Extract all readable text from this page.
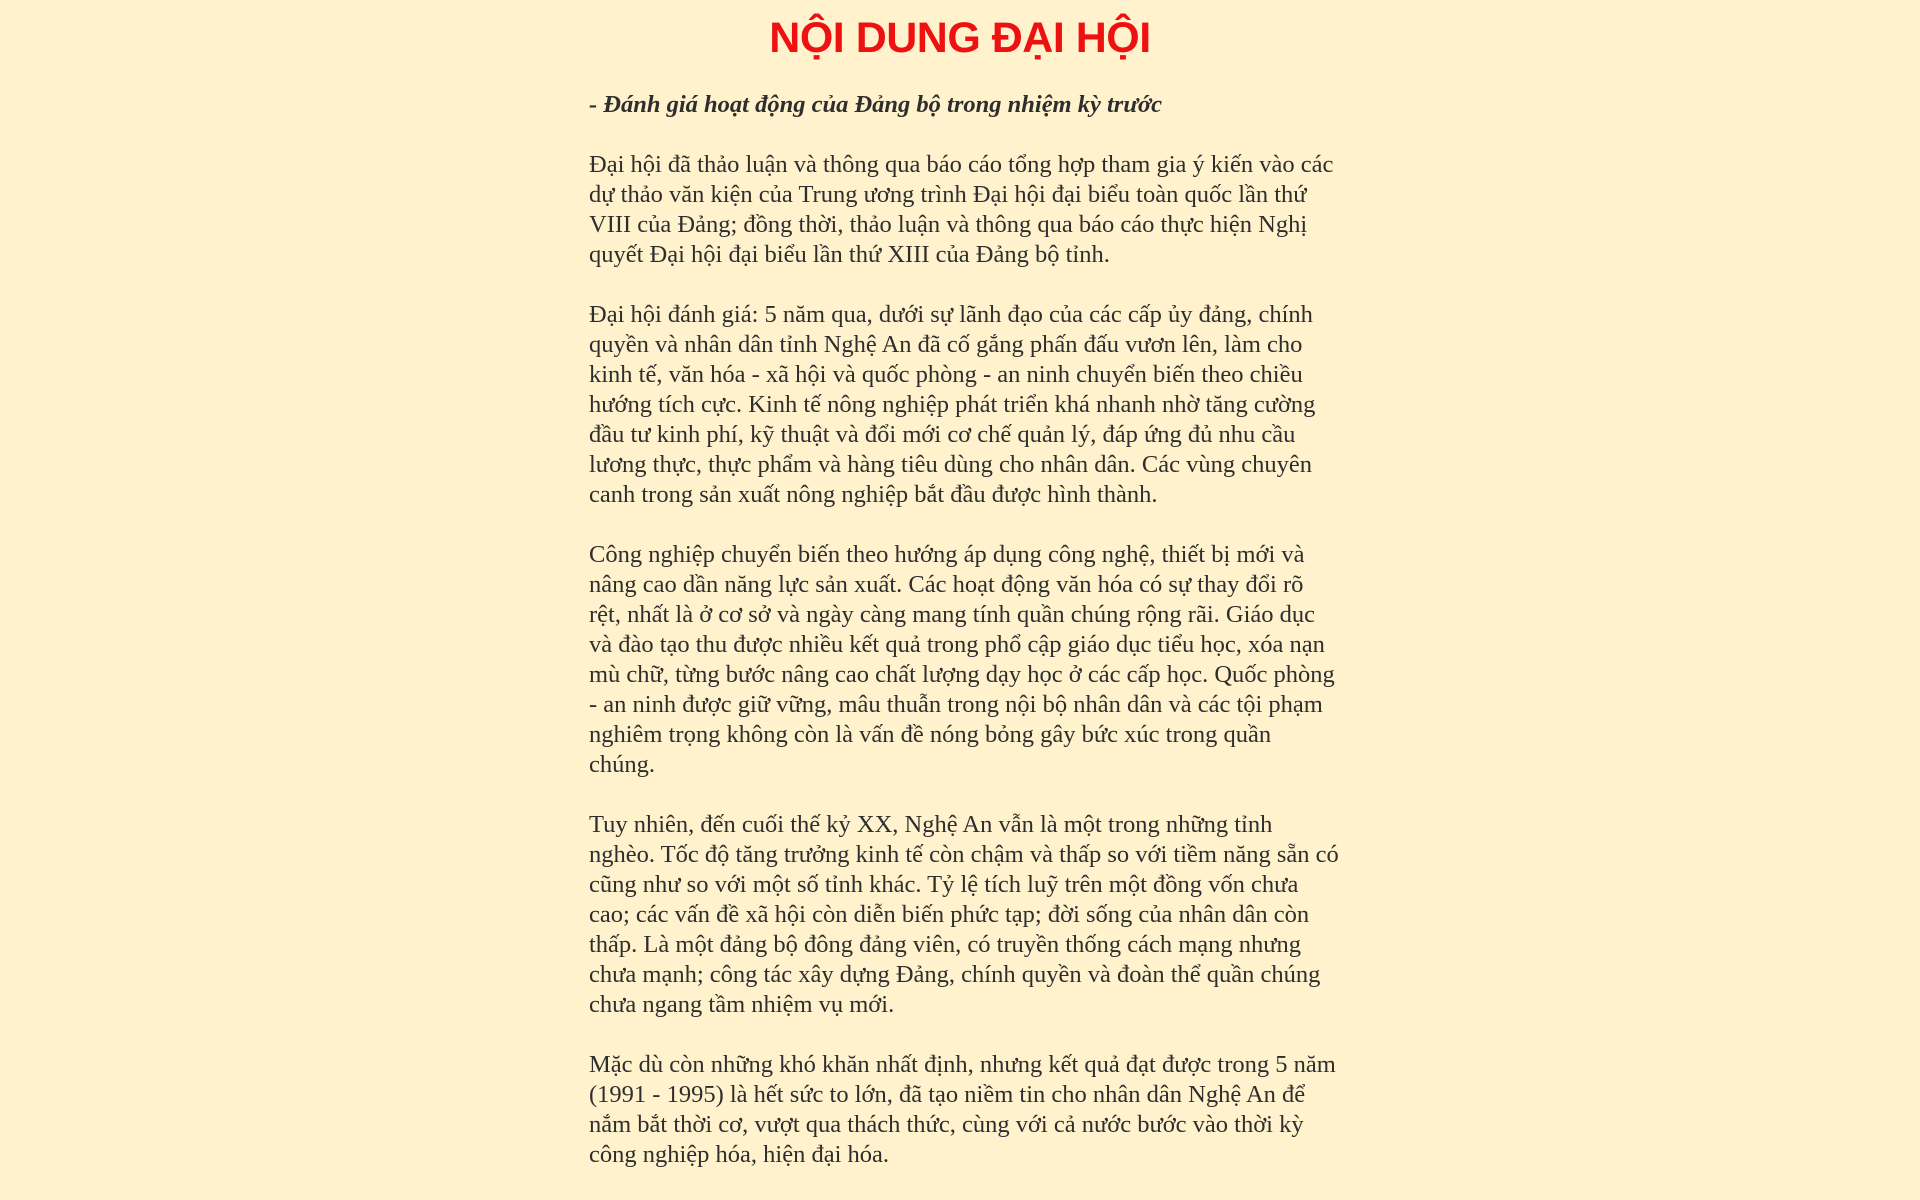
NỘI DUNG ĐẠI HỘI

- Đánh giá hoạt động của Đảng bộ trong nhiệm kỳ trước

Đại hội đã thảo luận và thông qua báo cáo tổng hợp tham gia ý kiến vào các dự thảo văn kiện của Trung ương trình Đại hội đại biểu toàn quốc lần thứ VIII của Đảng; đồng thời, thảo luận và thông qua báo cáo thực hiện Nghị quyết Đại hội đại biểu lần thứ XIII của Đảng bộ tỉnh.

Đại hội đánh giá: 5 năm qua, dưới sự lãnh đạo của các cấp ủy đảng, chính quyền và nhân dân tỉnh Nghệ An đã cố gắng phấn đấu vươn lên, làm cho kinh tế, văn hóa - xã hội và quốc phòng - an ninh chuyển biến theo chiều hướng tích cực. Kinh tế nông nghiệp phát triển khá nhanh nhờ tăng cường đầu tư kinh phí, kỹ thuật và đổi mới cơ chế quản lý, đáp ứng đủ nhu cầu lương thực, thực phẩm và hàng tiêu dùng cho nhân dân. Các vùng chuyên canh trong sản xuất nông nghiệp bắt đầu được hình thành.

Công nghiệp chuyển biến theo hướng áp dụng công nghệ, thiết bị mới và nâng cao dần năng lực sản xuất. Các hoạt động văn hóa có sự thay đổi rõ rệt, nhất là ở cơ sở và ngày càng mang tính quần chúng rộng rãi. Giáo dục và đào tạo thu được nhiều kết quả trong phổ cập giáo dục tiểu học, xóa nạn mù chữ, từng bước nâng cao chất lượng dạy học ở các cấp học. Quốc phòng - an ninh được giữ vững, mâu thuẫn trong nội bộ nhân dân và các tội phạm nghiêm trọng không còn là vấn đề nóng bỏng gây bức xúc trong quần chúng.

Tuy nhiên, đến cuối thế kỷ XX, Nghệ An vẫn là một trong những tỉnh nghèo. Tốc độ tăng trưởng kinh tế còn chậm và thấp so với tiềm năng sẵn có cũng như so với một số tỉnh khác. Tỷ lệ tích luỹ trên một đồng vốn chưa cao; các vấn đề xã hội còn diễn biến phức tạp; đời sống của nhân dân còn thấp. Là một đảng bộ đông đảng viên, có truyền thống cách mạng nhưng chưa mạnh; công tác xây dựng Đảng, chính quyền và đoàn thể quần chúng chưa ngang tầm nhiệm vụ mới.

Mặc dù còn những khó khăn nhất định, nhưng kết quả đạt được trong 5 năm (1991 - 1995) là hết sức to lớn, đã tạo niềm tin cho nhân dân Nghệ An để nắm bắt thời cơ, vượt qua thách thức, cùng với cả nước bước vào thời kỳ công nghiệp hóa, hiện đại hóa.
